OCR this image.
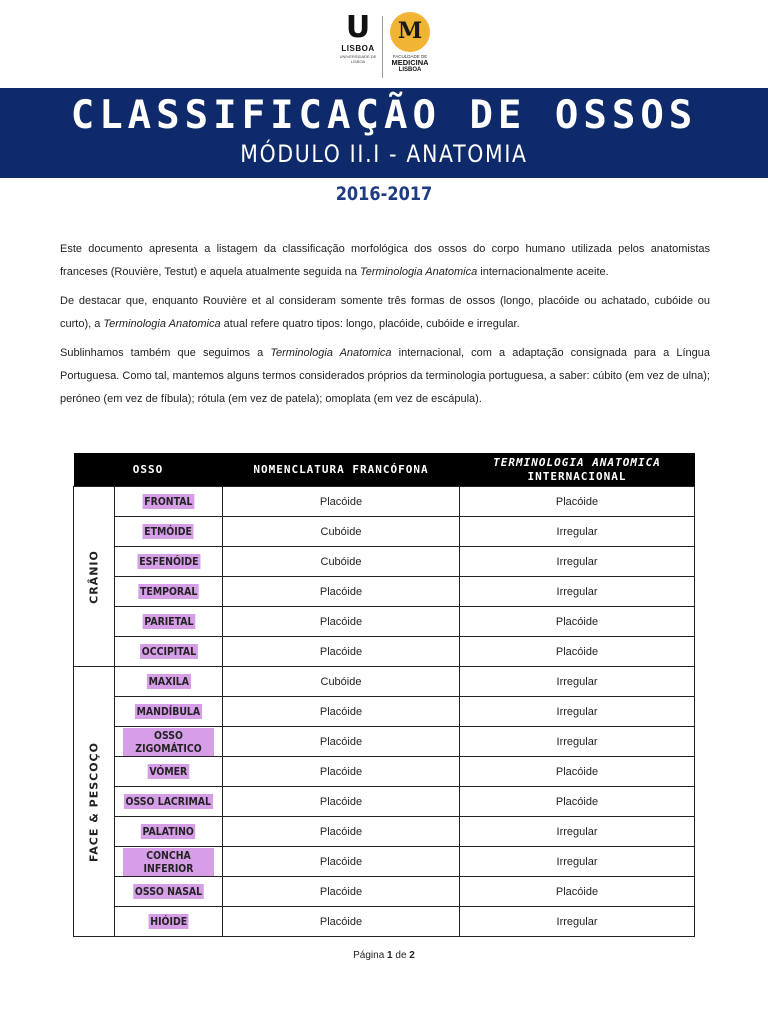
U
LISBOA
UNIVERSIDADE DE LISBOA
M
FACULDADE DE
MEDICINA
LISBOA
CLASSIFICAÇÃO DE OSSOS
MÓDULO II.I - ANATOMIA
2016-2017

Este documento apresenta a listagem da classificação morfológica dos ossos do corpo humano utilizada pelos anatomistas franceses (Rouvière, Testut) e aquela atualmente seguida na Terminologia Anatomica internacionalmente aceite.

De destacar que, enquanto Rouvière et al consideram somente três formas de ossos (longo, placóide ou achatado, cubóide ou curto), a Terminologia Anatomica atual refere quatro tipos: longo, placóide, cubóide e irregular.

Sublinhamos também que seguimos a Terminologia Anatomica internacional, com a adaptação consignada para a Língua Portuguesa. Como tal, mantemos alguns termos considerados próprios da terminologia portuguesa, a saber: cúbito (em vez de ulna); peróneo (em vez de fíbula); rótula (em vez de patela); omoplata (em vez de escápula).

OSSO		NOMENCLATURA FRANCÓFONA	TERMINOLOGIA ANATOMICA
INTERNACIONAL

CRÂNIO	FRONTAL	Placóide	Placóide
	ETMÓIDE	Cubóide	Irregular
	ESFENÓIDE	Cubóide	Irregular
	TEMPORAL	Placóide	Irregular
	PARIETAL	Placóide	Placóide
	OCCIPITAL	Placóide	Placóide

FACE & PESCOÇO	MAXILA	Cubóide	Irregular
	MANDÍBULA	Placóide	Irregular
	OSSO ZIGOMÁTICO	Placóide	Irregular
	VÓMER	Placóide	Placóide
	OSSO LACRIMAL	Placóide	Placóide
	PALATINO	Placóide	Irregular
	CONCHA INFERIOR	Placóide	Irregular
	OSSO NASAL	Placóide	Placóide
	HIÓIDE	Placóide	Irregular
Página 1 de 2
